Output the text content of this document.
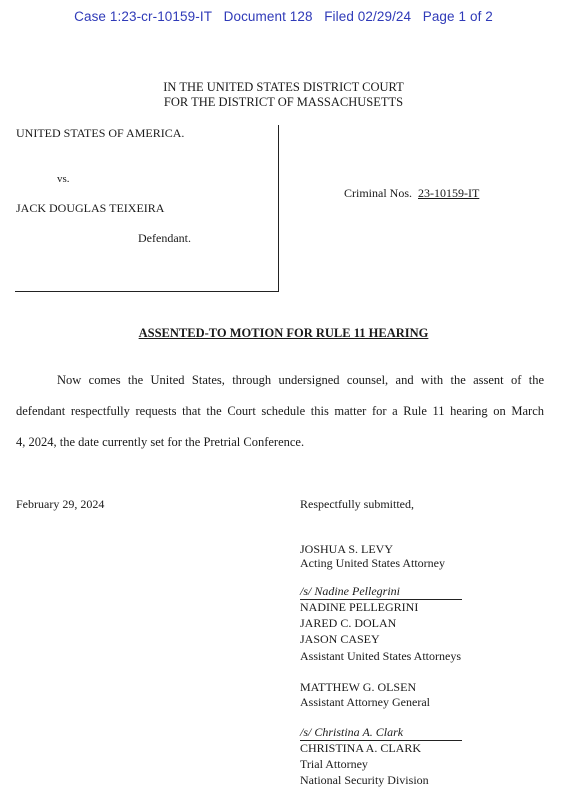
Case 1:23-cr-10159-IT Document 128 Filed 02/29/24 Page 1 of 2
IN THE UNITED STATES DISTRICT COURT
FOR THE DISTRICT OF MASSACHUSETTS
UNITED STATES OF AMERICA.
vs.
JACK DOUGLAS TEIXEIRA
Defendant.
Criminal Nos. 23-10159-IT
ASSENTED-TO MOTION FOR RULE 11 HEARING
Now comes the United States, through undersigned counsel, and with the assent of the
defendant respectfully requests that the Court schedule this matter for a Rule 11 hearing on March
4, 2024, the date currently set for the Pretrial Conference.
February 29, 2024	Respectfully submitted,
JOSHUA S. LEVY
Acting United States Attorney
/s/ Nadine Pellegrini
NADINE PELLEGRINI
JARED C. DOLAN
JASON CASEY
Assistant United States Attorneys
MATTHEW G. OLSEN
Assistant Attorney General
/s/ Christina A. Clark
CHRISTINA A. CLARK
Trial Attorney
National Security Division
